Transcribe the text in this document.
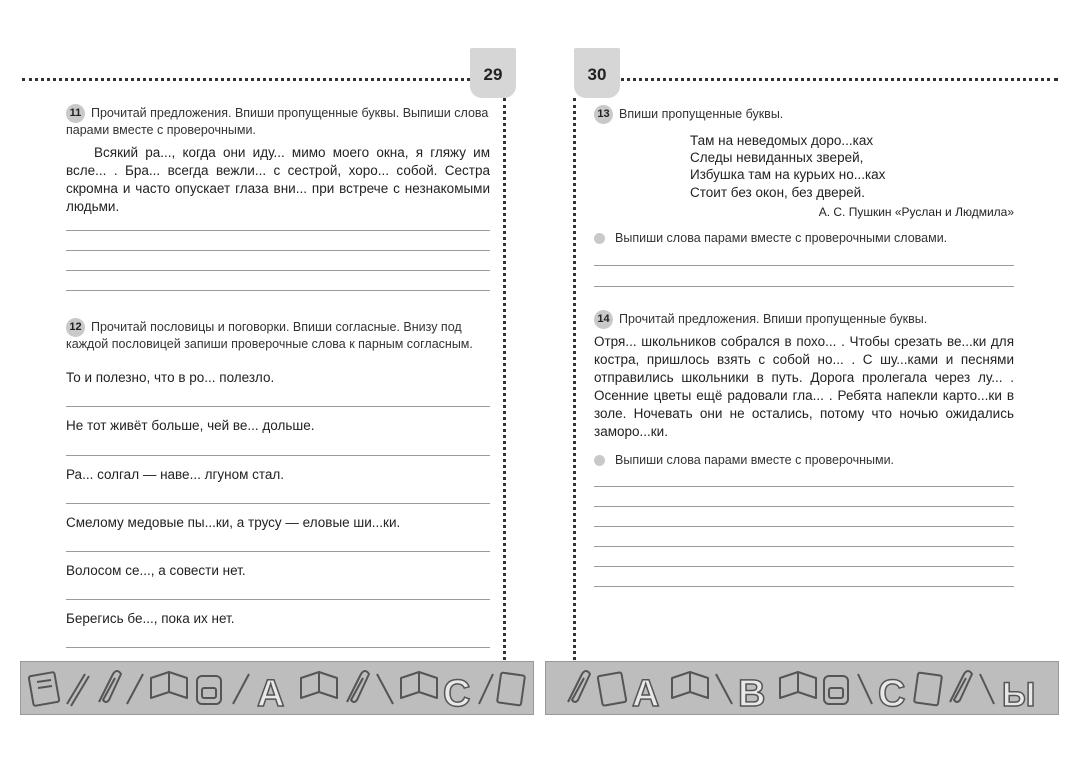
29	30
11 Прочитай предложения. Впиши пропущенные буквы. Выпиши слова парами вместе с проверочными.
Всякий ра..., когда они иду... мимо моего окна, я гляжу им всле... . Бра... всегда вежли... с сестрой, хоро... собой. Сестра скромна и часто опускает глаза вни... при встрече с незнакомыми людьми.
12 Прочитай пословицы и поговорки. Впиши согласные. Внизу под каждой пословицей запиши проверочные слова к парным согласным.
То и полезно, что в ро... полезло.
Не тот живёт больше, чей ве... дольше.
Ра... солгал — наве... лгуном стал.
Смелому медовые пы...ки, а трусу — еловые ши...ки.
Волосом се..., а совести нет.
Берегись бе..., пока их нет.
13 Впиши пропущенные буквы.
Там на неведомых доро...ках
Следы невиданных зверей,
Избушка там на курьих но...ках
Стоит без окон, без дверей.
А. С. Пушкин «Руслан и Людмила»
Выпиши слова парами вместе с проверочными словами.
14 Прочитай предложения. Впиши пропущенные буквы.
Отря... школьников собрался в похо... . Чтобы срезать ве...ки для костра, пришлось взять с собой но... . С шу...ками и песнями отправились школьники в путь. Дорога пролегала через лу... . Осенние цветы ещё радовали гла... . Ребята напекли карто...ки в золе. Ночевать они не остались, потому что ночью ожидались заморо...ки.
Выпиши слова парами вместе с проверочными.
А	С	А В	С	Ы
